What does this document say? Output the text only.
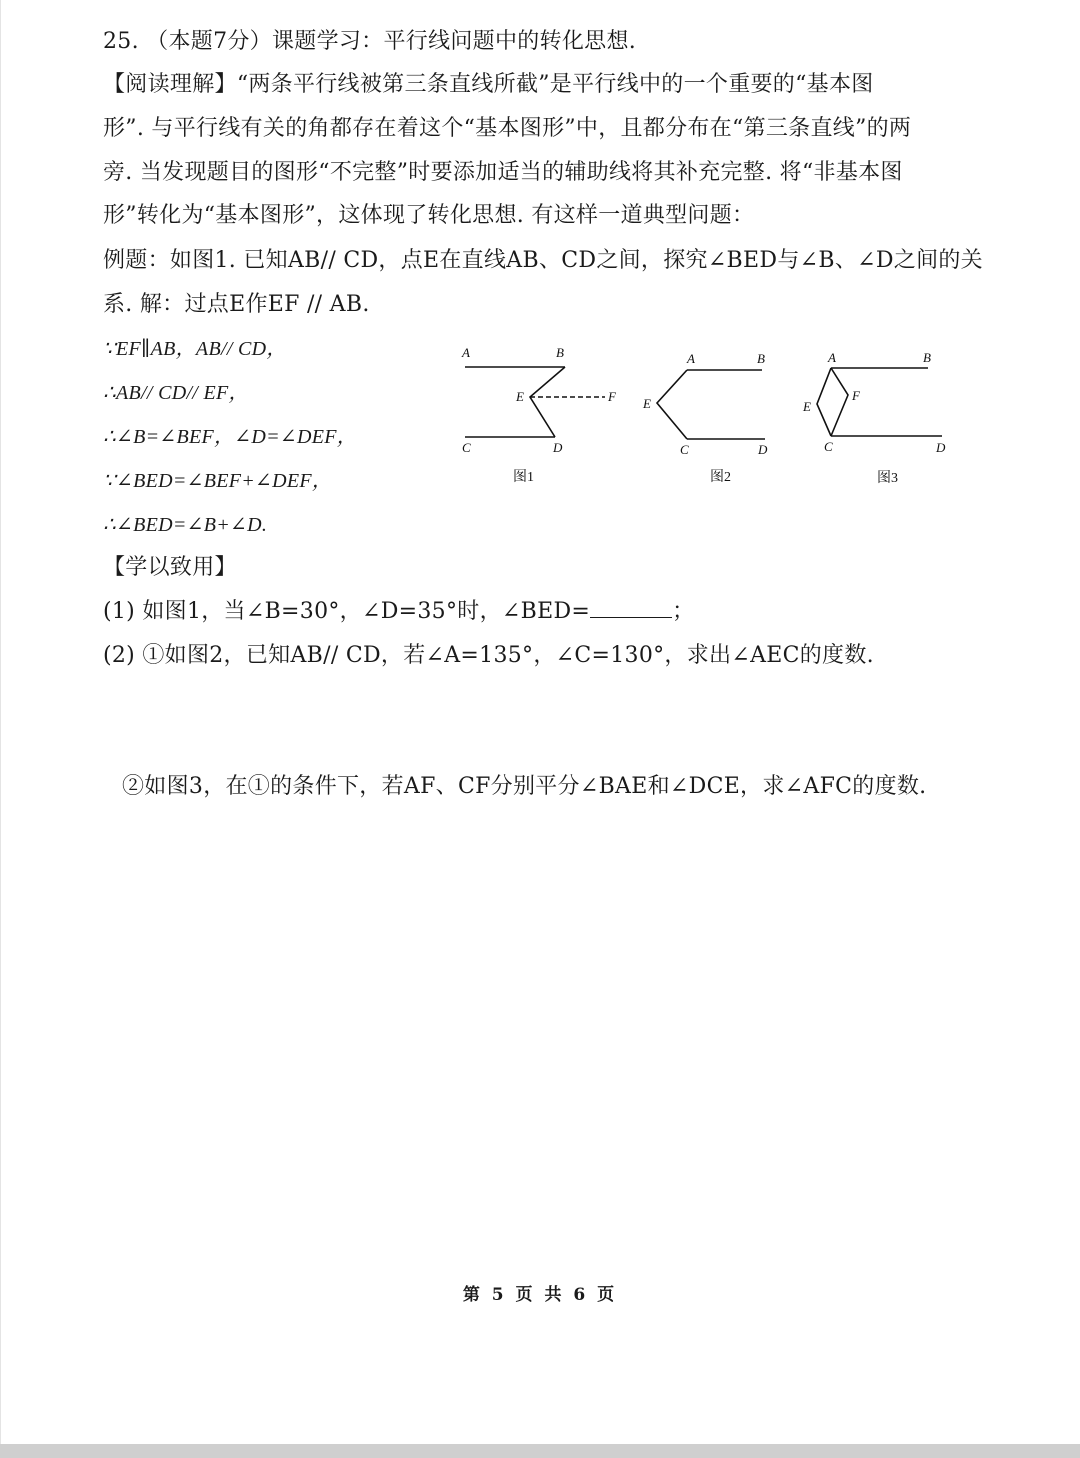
25. （本题7分）课题学习：平行线问题中的转化思想.
【阅读理解】“两条平行线被第三条直线所截”是平行线中的一个重要的“基本图
形”. 与平行线有关的角都存在着这个“基本图形”中，且都分布在“第三条直线”的两
旁. 当发现题目的图形“不完整”时要添加适当的辅助线将其补充完整. 将“非基本图
形”转化为“基本图形”，这体现了转化思想. 有这样一道典型问题：
例题：如图1. 已知AB// CD，点E在直线AB、CD之间，探究∠BED与∠B、∠D之间的关
系. 解：过点E作EF // AB.
∵EF∥AB，AB// CD，
∴AB// CD// EF，
∴∠B=∠BEF，∠D=∠DEF，
∵∠BED=∠BEF+∠DEF，
∴∠BED=∠B+∠D.
【学以致用】
(1) 如图1，当∠B=30°，∠D=35°时，∠BED=	；
(2) ①如图2，已知AB// CD，若∠A=135°，∠C=130°，求出∠AEC的度数.
②如图3，在①的条件下，若AF、CF分别平分∠BAE和∠DCE，求∠AFC的度数.
A	B
E	F
C	D
图1
A	B
E
C	D
图2
A	B
E
F
C	D
图3
第 5 页 共 6 页
